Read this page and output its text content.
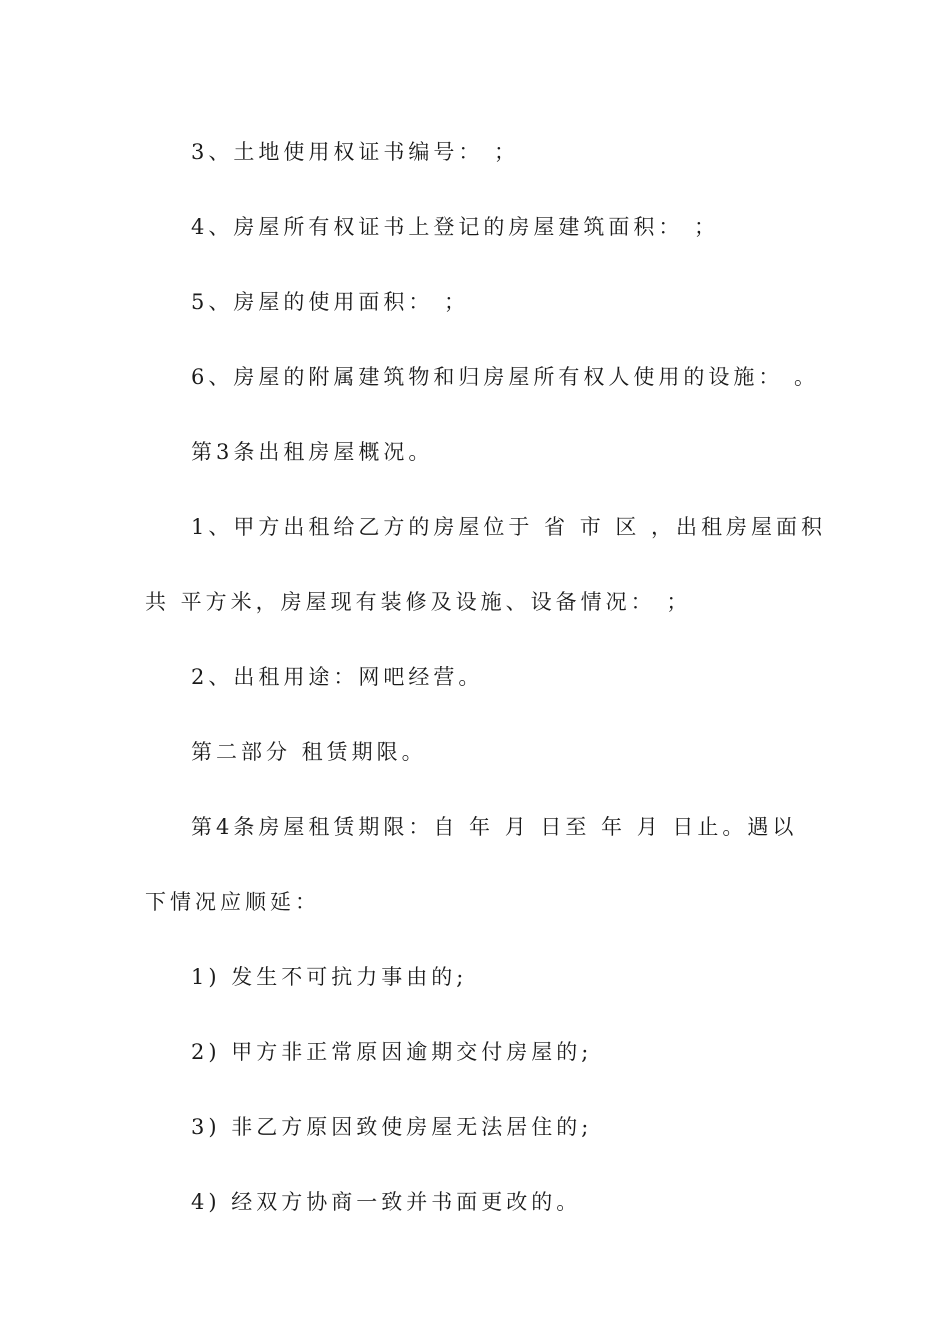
3、土地使用权证书编号： ；
4、房屋所有权证书上登记的房屋建筑面积： ；
5、房屋的使用面积： ；
6、房屋的附属建筑物和归房屋所有权人使用的设施： 。
第3条出租房屋概况。
1、甲方出租给乙方的房屋位于 省 市 区 ，出租房屋面积
共 平方米，房屋现有装修及设施、设备情况： ；
2、出租用途：网吧经营。
第二部分 租赁期限。
第4条房屋租赁期限：自 年 月 日至 年 月 日止。遇以
下情况应顺延：
1) 发生不可抗力事由的;
2) 甲方非正常原因逾期交付房屋的;
3) 非乙方原因致使房屋无法居住的;
4) 经双方协商一致并书面更改的。
